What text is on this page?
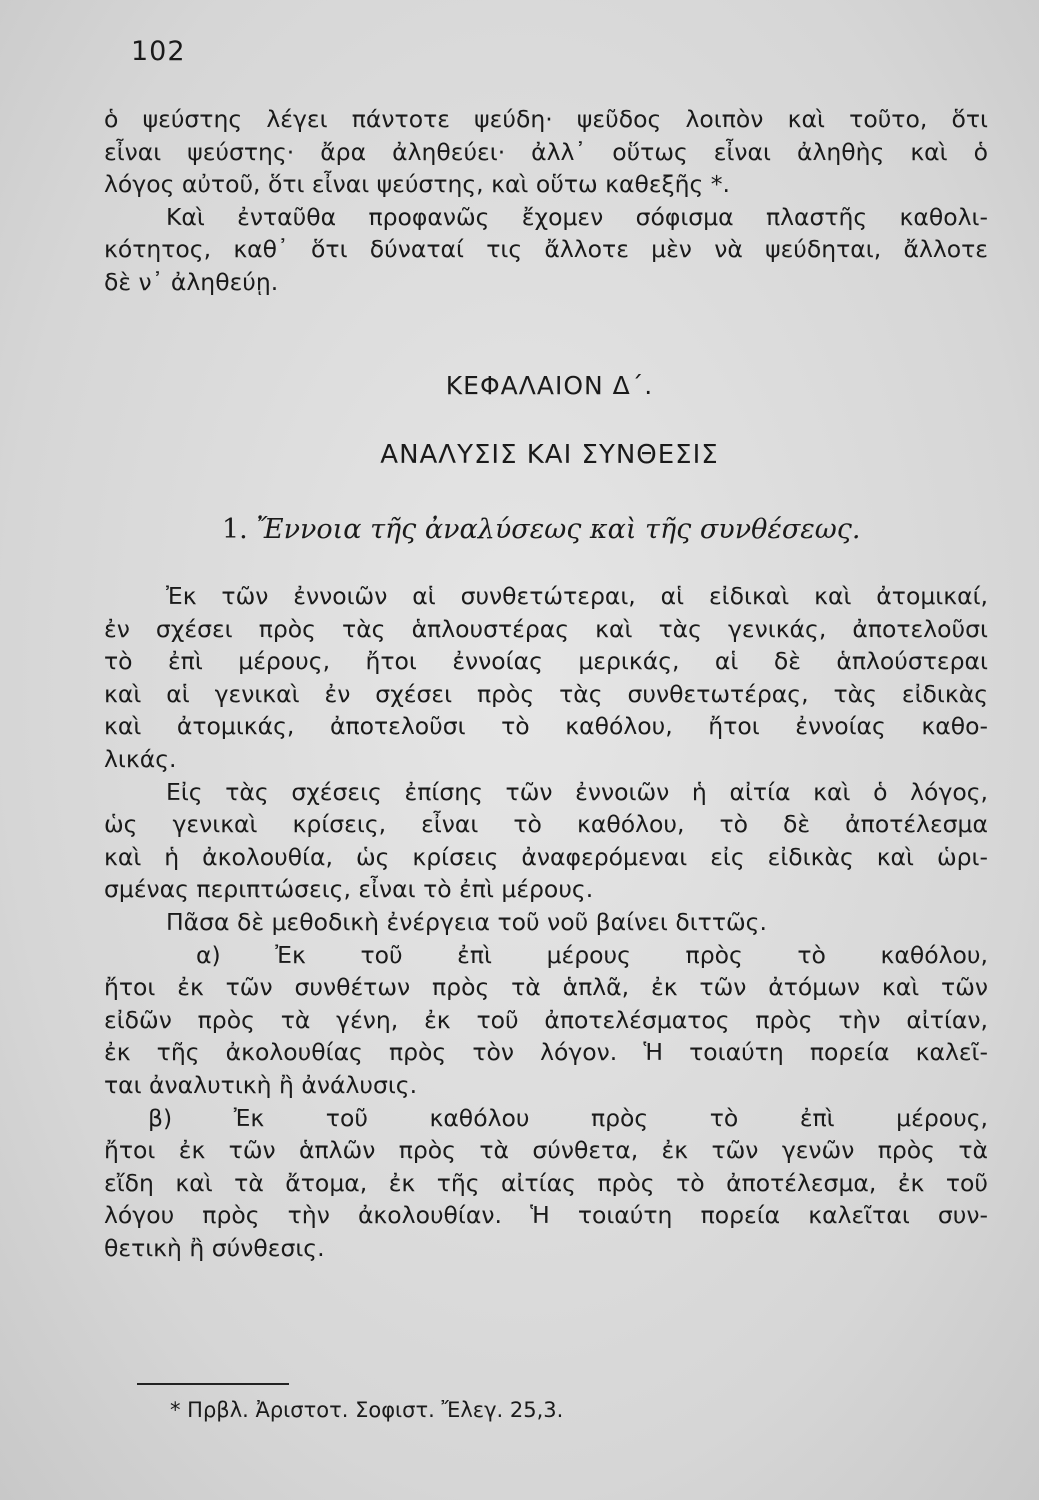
102
ὁ ψεύστης λέγει πάντοτε ψεύδη· ψεῦδος λοιπὸν καὶ τοῦτο, ὅτι
εἶναι ψεύστης· ἄρα ἀληθεύει· ἀλλ᾽ οὕτως εἶναι ἀληθὴς καὶ ὁ
λόγος αὐτοῦ, ὅτι εἶναι ψεύστης, καὶ οὕτω καθεξῆς *.
Καὶ ἐνταῦθα προφανῶς ἔχομεν σόφισμα πλαστῆς καθολι-
κότητος, καθ᾽ ὅτι δύναταί τις ἄλλοτε μὲν νὰ ψεύδηται, ἄλλοτε
δὲ ν᾽ ἀληθεύῃ.
ΚΕΦΑΛΑΙΟΝ Δ΄.
ΑΝΑΛΥΣΙΣ ΚΑΙ ΣΥΝΘΕΣΙΣ
1. Ἔννοια τῆς ἀναλύσεως καὶ τῆς συνθέσεως.
Ἐκ τῶν ἐννοιῶν αἱ συνθετώτεραι, αἱ εἰδικαὶ καὶ ἀτομικαί,
ἐν σχέσει πρὸς τὰς ἁπλουστέρας καὶ τὰς γενικάς, ἀποτελοῦσι
τὸ ἐπὶ μέρους, ἤτοι ἐννοίας μερικάς, αἱ δὲ ἁπλούστεραι
καὶ αἱ γενικαὶ ἐν σχέσει πρὸς τὰς συνθετωτέρας, τὰς εἰδικὰς
καὶ ἀτομικάς, ἀποτελοῦσι τὸ καθόλου, ἤτοι ἐννοίας καθο-
λικάς.
Εἰς τὰς σχέσεις ἐπίσης τῶν ἐννοιῶν ἡ αἰτία καὶ ὁ λόγος,
ὡς γενικαὶ κρίσεις, εἶναι τὸ καθόλου, τὸ δὲ ἀποτέλεσμα
καὶ ἡ ἀκολουθία, ὡς κρίσεις ἀναφερόμεναι εἰς εἰδικὰς καὶ ὡρι-
σμένας περιπτώσεις, εἶναι τὸ ἐπὶ μέρους.
Πᾶσα δὲ μεθοδικὴ ἐνέργεια τοῦ νοῦ βαίνει διττῶς.
α) Ἐκ τοῦ ἐπὶ μέρους πρὸς τὸ καθόλου,
ἤτοι ἐκ τῶν συνθέτων πρὸς τὰ ἁπλᾶ, ἐκ τῶν ἀτόμων καὶ τῶν
εἰδῶν πρὸς τὰ γένη, ἐκ τοῦ ἀποτελέσματος πρὸς τὴν αἰτίαν,
ἐκ τῆς ἀκολουθίας πρὸς τὸν λόγον. Ἡ τοιαύτη πορεία καλεῖ-
ται ἀναλυτικὴ ἢ ἀνάλυσις.
β) Ἐκ τοῦ καθόλου πρὸς τὸ ἐπὶ μέρους,
ἤτοι ἐκ τῶν ἁπλῶν πρὸς τὰ σύνθετα, ἐκ τῶν γενῶν πρὸς τὰ
εἴδη καὶ τὰ ἄτομα, ἐκ τῆς αἰτίας πρὸς τὸ ἀποτέλεσμα, ἐκ τοῦ
λόγου πρὸς τὴν ἀκολουθίαν. Ἡ τοιαύτη πορεία καλεῖται συν-
θετικὴ ἢ σύνθεσις.
* Πρβλ. Ἀριστοτ. Σοφιστ. Ἔλεγ. 25,3.
